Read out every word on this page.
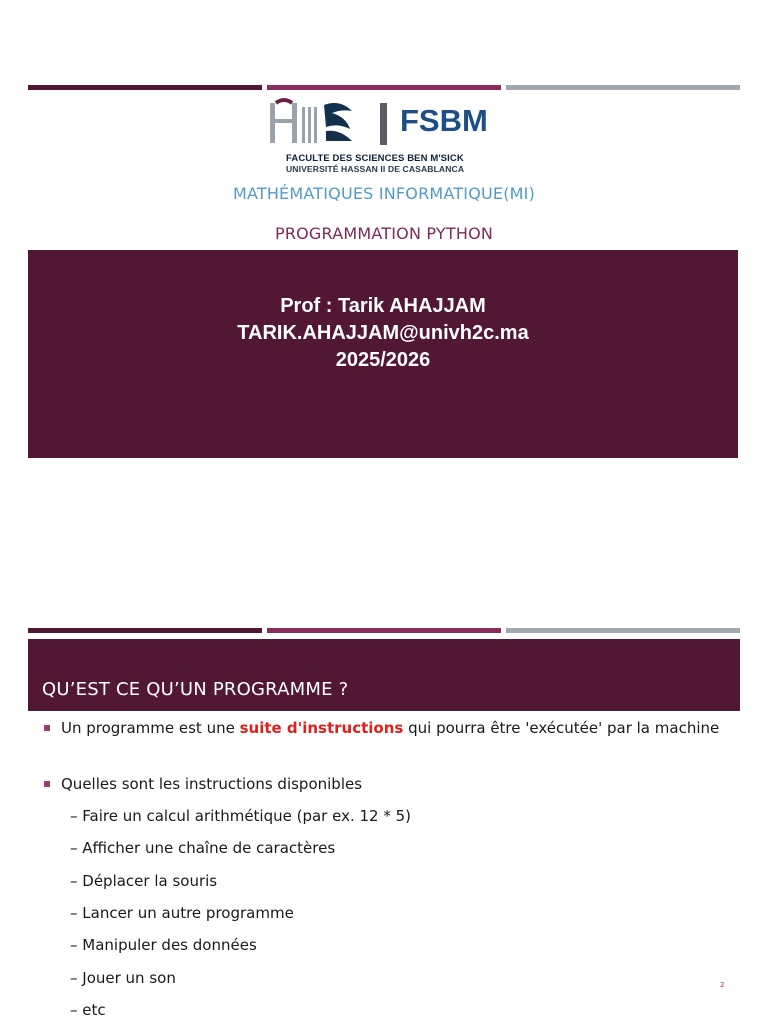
FSBM
FACULTE DES SCIENCES BEN M'SICK
UNIVERSITÉ HASSAN II DE CASABLANCA
MATHÉMATIQUES INFORMATIQUE(MI)
PROGRAMMATION PYTHON
Prof : Tarik AHAJJAM
TARIK.AHAJJAM@univh2c.ma
2025/2026
QU’EST CE QU’UN PROGRAMME ?
Un programme est une suite d'instructions qui pourra être 'exécutée' par la machine
Quelles sont les instructions disponibles
– Faire un calcul arithmétique (par ex. 12 * 5)
– Afficher une chaîne de caractères
– Déplacer la souris
– Lancer un autre programme
– Manipuler des données
– Jouer un son
– etc
2
